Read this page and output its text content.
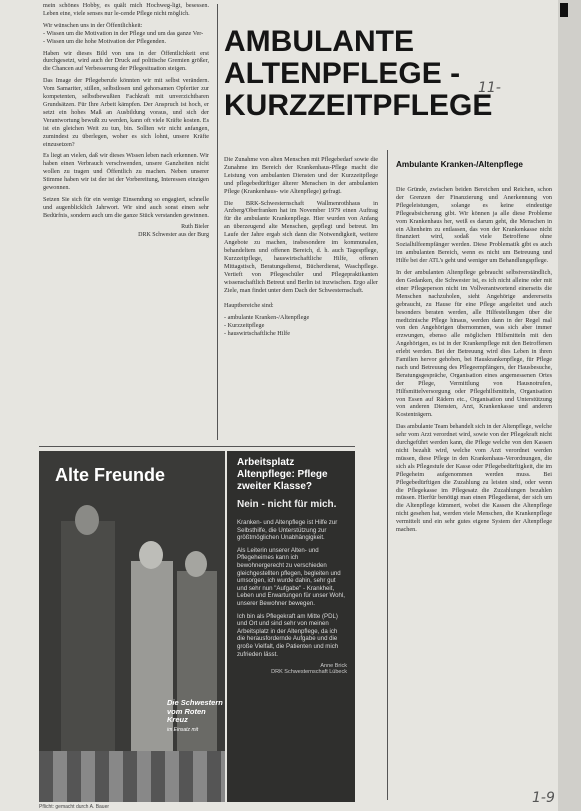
mein schönes Hobby, es quält mich Hochweg-ligt, besessen. Leben eine, viele senses nur le-cende Pflege nicht möglich.

Wir wünschen uns in der Öffentlichkeit:

- Wissen um die Motivation in der Pflege und um das ganze Ver-

- Wissen um die hohe Motivation der Pflegenden.

Haben wir dieses Bild von uns in der Öffentlichkeit erst durchgesetzt, wird auch der Druck auf politische Gremien größer, die Chancen auf Verbesserung der Pflegesituation steigen.

Das Image der Pflegeberufe könnten wir mit selbst verändern. Vom Samariter, stillen, selbstlosen und gehorsamen Opfertier zur kompetenten, selbstbewußten Fachkraft mit unverzichtbaren Grundsätzen. Für Ihre Arbeit kämpfen. Der Anspruch ist hoch, er setzt ein hohes Maß an Ausbildung voraus, und sich der Verantwortung bewußt zu werden, kann oft viele Kräfte kosten. Es ist ein gleichen Weit zu tun, bin. Sollten wir nicht anfangen, zumindest zu überlegen, woher es sich lohnt, unsere Kräfte einzusetzen?

Es liegt an vielen, daß wir dieses Wissen leben nach erkennen. Wir haben einen Verbrauch verschwenden, unsere Ganzheiten nicht wollen zu tragen und Öffentlich zu machen. Neben unserer Stimme haben wir ist der ist der Vorbereitung, Interessen einzigen gewonnen.

Setzen Sie sich für ein wenige Einsendung so engagiert, schnelle und augenblicklich Jahrwort. Wir sind auch sonst einen sehr Bedürfnis, sondern auch um die ganze Stück verstanden gewinnen.

Ruth Bieler
DRK Schwester aus der Burg
AMBULANTE
ALTENPFLEGE -
KURZZEITPFLEGE
11-

Die Zunahme von alten Menschen mit Pflegebedarf sowie die Zunahme im Bereich der Krankenhaus-Pflege macht die Leistung von ambulanten Diensten und der Kurzzeitpflege und pflegebedürftiger älterer Menschen in der ambulanten Pflege (Krankenhaus- wie Altenpflege) gefragt.

Die BRK-Schwesternschaft Wallmenrothhaus in Arzberg/Oberfranken hat im November 1979 einen Auftrag für die ambulante Krankenpflege. Hier wurden von Anfang an überzeugend alte Menschen, gepflegt und betreut. Im Laufe der Jahre ergab sich dann die Notwendigkeit, weitere Angebote zu machen, insbesondere im kommunalen, behandeltem und offenen Bereich, d. h. auch Tagespflege, Kurzzeitpflege, hauswirtschaftliche Hilfe, offenen Mittagstisch, Beratungsdienst, Bücherdienst, Waschpflege. Vertieft von Pflegeschüler und Pflegepraktikanten wissenschaftlich Betreut und Berlin ist inzwischen. Ergo aller Ziele, man findet unter dem Dach der Schwesternschaft.

Hauptbereiche sind:

- ambulante Kranken-/Altenpflege

- Kurzzeitpflege

- hauswirtschaftliche Hilfe

Ambulante Kranken-/Altenpflege

Die Gründe, zwischen beiden Bereichen und Reichen, schon der Grenzen der Finanzierung und Anerkennung von Pflegeleistungen, solange es keine eindeutige Pflegeabsicherung gibt. Wir können ja alle diese Probleme vom Krankenhaus her, weiß es darum geht, die Menschen in ein Altenheim zu entlassen, das von der Krankenkasse nicht finanziert wird, sodaß viele Betroffene ohne Sozialhilfeempfänger werden. Diese Problematik gibt es auch im ambulanten Bereich, wenn es nicht um Betreuung und Hilfe bei der ATL's geht und weniger um Behandlungspflege.

In der ambulanten Altenpflege gebraucht selbstverständlich, den Gedanken, die Schwester ist, es ich nicht alleine oder mit einer Pflegeperson nicht im Vollverantwortend einerseits die Menschen nachzuholen, sieht Angehörige andererseits gebraucht, zu Hause für eine Pflege angeleitet und auch besonders beraten werden, alle Hilfestellungen über die medizinische Pflege hinaus, werden dann in der Regel mal von den Angehörigen übernommen, was sich aber immer erzwungen, ebenso alle möglichen Hilfsmitteln mit den Angehörigen, es ist in der Krankenpflege mit den Betroffenen erlebt werden. Bei der Betreuung wird dies Leben in ihren Familien hervor gehoben, bei Hauskrankenpflege, für Pflege nach und Betreuung des Pflegeempfängers, der Hausbesuche, Beratungsgespräche, Organisation eines angemessenen Ortes der Pflege, Vermittlung von Hausnotrufen, Hilfsmittelversorgung oder Pflegehilfsmitteln, Organisation von Essen auf Rädern etc., Organisation und Unterstützung von anderen Diensten, Arzt, Krankenkasse und anderen Kostenträgern.

Das ambulante Team behandelt sich in der Altenpflege, welche sehr vom Arzt verordnet wird, sowie von der Pflegekraft nicht durchgeführt werden kann, die Pflege welche von den Kassen nicht bezahlt wird, welche vom Arzt verordnet werden müssen, diese Pflege in den Krankenhaus-Verordnungen, die sich als Pflegestufe der Kasse oder Pflegebedürftigkeit, die im Pflegeheim aufgenommen werden muss. Bei Pflegebedürftigen die Zuzahlung zu leisten sind, oder wenn die Pflegekasse im Pflegesatz die Zuzahlungen bezahlen müssen. Hierfür benötigt man einen Pflegedienst, der sich um die Altenpflege kümmert, wobei die Kassen die Altenpflege nicht gesehen hat, werden viele Menschen, die Krankenpflege vermittelt und ein sehr gutes eigene System der Altenpflege machen.

Alte Freunde
Die Schwestern vom Roten Kreuz
im Einsatz mit
Pflicht: gemacht durch A. Bauer
Arbeitsplatz Altenpflege: Pflege zweiter Klasse?
Nein - nicht für mich.

Kranken- und Altenpflege ist Hilfe zur Selbsthilfe, die Unterstützung zur größtmöglichen Unabhängigkeit.

Als Leiterin unserer Alten- und Pflegeheimes kann ich bewohnergerecht zu verschieden gleichgestellten pflegen, begleiten und umsorgen, ich wurde dahin, sehr gut und sehr nun "Aufgabe" - Krankheit, Leben und Erwartungen für unser Wohl, unserer Bewohner bewegen.

Ich bin als Pflegekraft am Mitte (PDL) und Ort und sind sehr von meinen Arbeitsplatz in der Altenpflege, da ich die herausfordernde Aufgabe und die große Vielfalt, die Patienten und mich zufrieden lässt.

Anne Brick
DRK Schwesternschaft Lübeck
1-9
